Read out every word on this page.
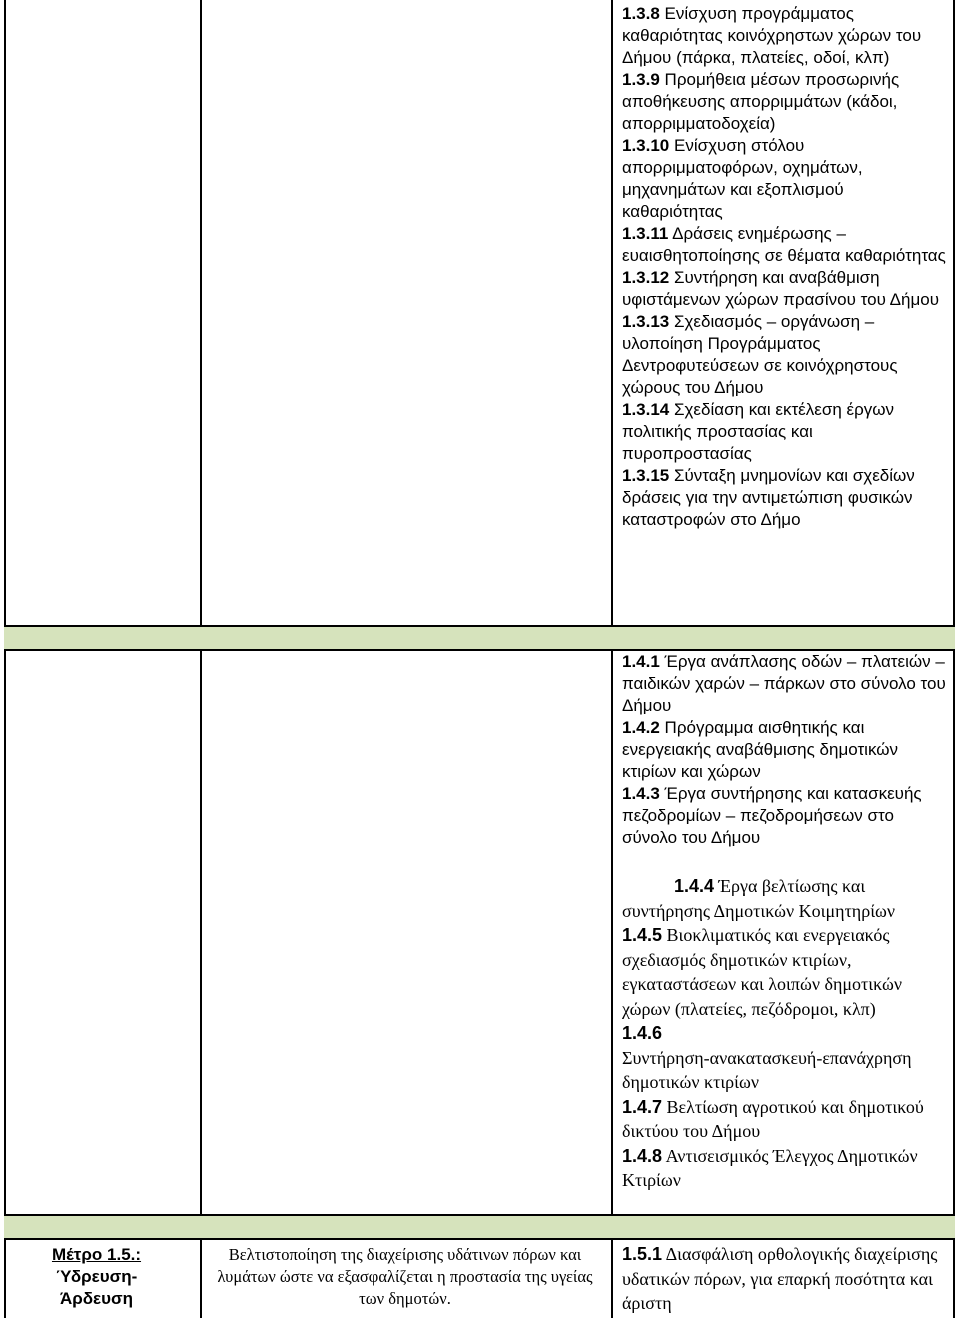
1.3.8 Ενίσχυση προγράμματος καθαριότητας κοινόχρηστων χώρων του Δήμου (πάρκα, πλατείες, οδοί, κλπ)

1.3.9 Προμήθεια μέσων προσωρινής αποθήκευσης απορριμμάτων (κάδοι, απορριμματοδοχεία)

1.3.10 Ενίσχυση στόλου απορριμματοφόρων, οχημάτων, μηχανημάτων και εξοπλισμού καθαριότητας

1.3.11 Δράσεις ενημέρωσης – ευαισθητοποίησης σε θέματα καθαριότητας

1.3.12 Συντήρηση και αναβάθμιση υφιστάμενων χώρων πρασίνου του Δήμου

1.3.13 Σχεδιασμός – οργάνωση – υλοποίηση Προγράμματος Δεντροφυτεύσεων σε κοινόχρηστους χώρους του Δήμου

1.3.14 Σχεδίαση και εκτέλεση έργων πολιτικής προστασίας και πυροπροστασίας

1.3.15 Σύνταξη μνημονίων και σχεδίων δράσεις για την αντιμετώπιση φυσικών καταστροφών στο Δήμο

1.4.1 Έργα ανάπλασης οδών – πλατειών – παιδικών χαρών – πάρκων στο σύνολο του Δήμου

1.4.2 Πρόγραμμα αισθητικής και ενεργειακής αναβάθμισης δημοτικών κτιρίων και χώρων

1.4.3 Έργα συντήρησης και κατασκευής πεζοδρομίων – πεζοδρομήσεων στο σύνολο του Δήμου

1.4.4 Έργα βελτίωσης και συντήρησης Δημοτικών Κοιμητηρίων

1.4.5 Βιοκλιματικός και ενεργειακός σχεδιασμός δημοτικών κτιρίων, εγκαταστάσεων και λοιπών δημοτικών χώρων (πλατείες, πεζόδρομοι, κλπ)

1.4.6
Συντήρηση-ανακατασκευή-επανάχρηση δημοτικών κτιρίων

1.4.7 Βελτίωση αγροτικού και δημοτικού δικτύου του Δήμου

1.4.8 Αντισεισμικός Έλεγχος Δημοτικών Κτιρίων

Μέτρο 1.5.:
Ύδρευση-
Άρδευση
Βελτιστοποίηση της διαχείρισης υδάτινων πόρων και λυμάτων ώστε να εξασφαλίζεται η προστασία της υγείας των δημοτών.

1.5.1 Διασφάλιση ορθολογικής διαχείρισης υδατικών πόρων, για επαρκή ποσότητα και άριστη
